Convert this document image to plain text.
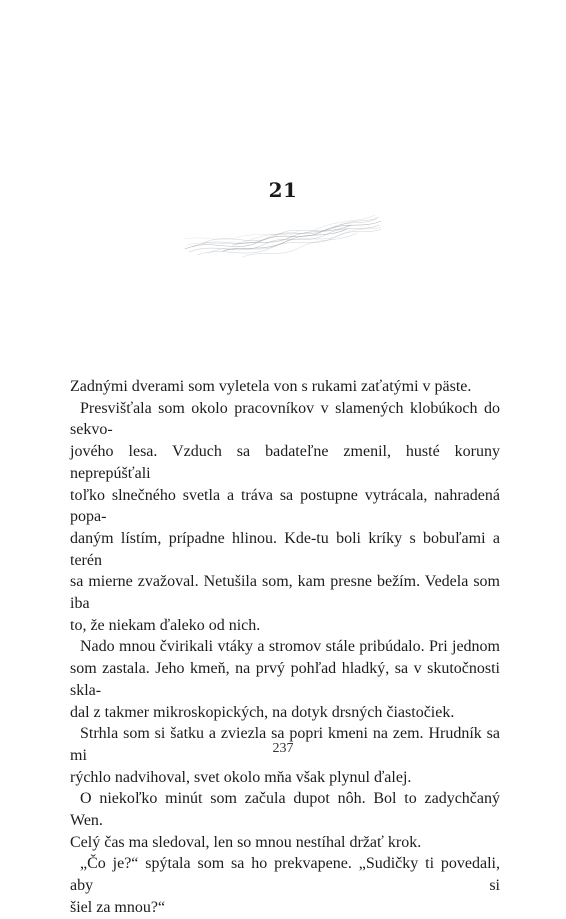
21

Zadnými dverami som vyletela von s rukami zaťatými v päste.

Presvišťala som okolo pracovníkov v slamených klobúkoch do sekvo-
jového lesa. Vzduch sa badateľne zmenil, husté koruny neprepúšťali
toľko slnečného svetla a tráva sa postupne vytrácala, nahradená popa-
daným lístím, prípadne hlinou. Kde-tu boli kríky s bobuľami a terén
sa mierne zvažoval. Netušila som, kam presne bežím. Vedela som iba
to, že niekam ďaleko od nich.

Nado mnou čvirikali vtáky a stromov stále pribúdalo. Pri jednom
som zastala. Jeho kmeň, na prvý pohľad hladký, sa v skutočnosti skla-
dal z takmer mikroskopických, na dotyk drsných čiastočiek.

Strhla som si šatku a zviezla sa popri kmeni na zem. Hrudník sa mi
rýchlo nadvihoval, svet okolo mňa však plynul ďalej.

O niekoľko minút som začula dupot nôh. Bol to zadychčaný Wen.
Celý čas ma sledoval, len so mnou nestíhal držať krok.

„Čo je?“ spýtala som sa ho prekvapene. „Sudičky ti povedali, aby si
šiel za mnou?“

237
